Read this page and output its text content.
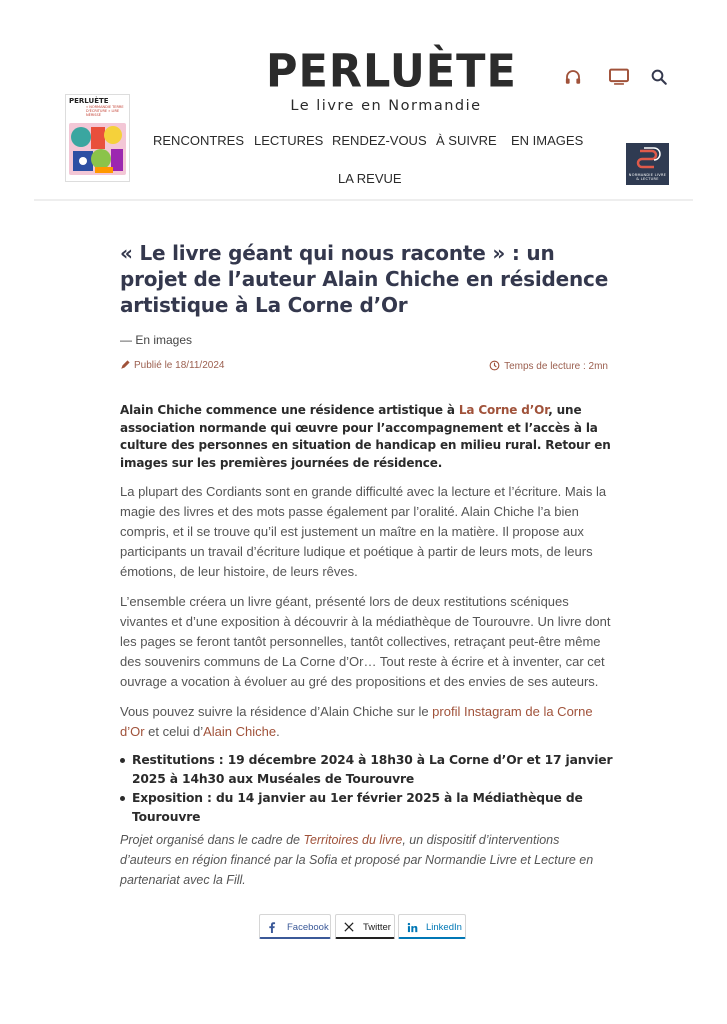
PERLUÈTE
« NORMANDIE TERRE D'ÉCRITURE » LIRE NÉRISSÉ
PERLUÈTE
Le livre en Normandie
RENCONTRES LECTURES RENDEZ-VOUS À SUIVRE EN IMAGES
LA REVUE	NORMANDIE LIVRE & LECTURE
« Le livre géant qui nous raconte » : un projet de l’auteur Alain Chiche en résidence artistique à La Corne d’Or
— En images
Publié le 18/11/2024	Temps de lecture : 2mn

Alain Chiche commence une résidence artistique à La Corne d’Or, une association normande qui œuvre pour l’accompagnement et l’accès à la culture des personnes en situation de handicap en milieu rural. Retour en images sur les premières journées de résidence.

La plupart des Cordiants sont en grande difficulté avec la lecture et l’écriture. Mais la magie des livres et des mots passe également par l’oralité. Alain Chiche l’a bien compris, et il se trouve qu’il est justement un maître en la matière. Il propose aux participants un travail d’écriture ludique et poétique à partir de leurs mots, de leurs émotions, de leur histoire, de leurs rêves.

L’ensemble créera un livre géant, présenté lors de deux restitutions scéniques vivantes et d’une exposition à découvrir à la médiathèque de Tourouvre. Un livre dont les pages se feront tantôt personnelles, tantôt collectives, retraçant peut-être même des souvenirs communs de La Corne d’Or… Tout reste à écrire et à inventer, car cet ouvrage a vocation à évoluer au gré des propositions et des envies de ses auteurs.

Vous pouvez suivre la résidence d’Alain Chiche sur le profil Instagram de la Corne d’Or et celui d’Alain Chiche.

Restitutions : 19 décembre 2024 à 18h30 à La Corne d’Or et 17 janvier 2025 à 14h30 aux Muséales de Tourouvre
Exposition : du 14 janvier au 1er février 2025 à la Médiathèque de Tourouvre

Projet organisé dans le cadre de Territoires du livre, un dispositif d’interventions d’auteurs en région financé par la Sofia et proposé par Normandie Livre et Lecture en partenariat avec la Fill.

Facebook	Twitter	LinkedIn
